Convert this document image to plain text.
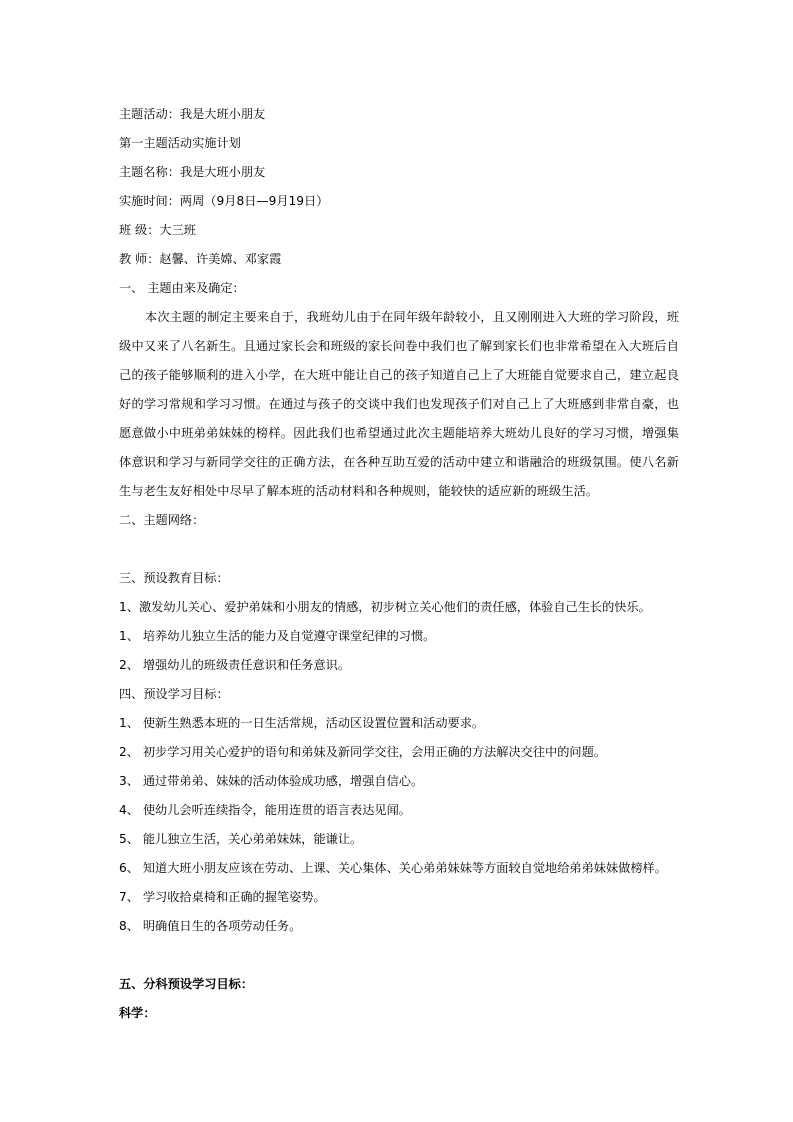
主题活动：我是大班小朋友

第一主题活动实施计划

主题名称：我是大班小朋友

实施时间：两周（9月8日—9月19日）

班 级：大三班

教 师：赵馨、许美嫦、邓家霞

一、 主题由来及确定：

本次主题的制定主要来自于，我班幼儿由于在同年级年龄较小，且又刚刚进入大班的学习阶段，班级中又来了八名新生。且通过家长会和班级的家长问卷中我们也了解到家长们也非常希望在入大班后自己的孩子能够顺利的进入小学，在大班中能让自己的孩子知道自己上了大班能自觉要求自己，建立起良好的学习常规和学习习惯。在通过与孩子的交谈中我们也发现孩子们对自己上了大班感到非常自豪，也愿意做小中班弟弟妹妹的榜样。因此我们也希望通过此次主题能培养大班幼儿良好的学习习惯，增强集体意识和学习与新同学交往的正确方法，在各种互助互爱的活动中建立和谐融洽的班级氛围。使八名新生与老生友好相处中尽早了解本班的活动材料和各种规则，能较快的适应新的班级生活。

二、主题网络：

三、预设教育目标：

1、激发幼儿关心、爱护弟妹和小朋友的情感，初步树立关心他们的责任感，体验自己生长的快乐。

1、 培养幼儿独立生活的能力及自觉遵守课堂纪律的习惯。

2、 增强幼儿的班级责任意识和任务意识。

四、预设学习目标：

1、 使新生熟悉本班的一日生活常规，活动区设置位置和活动要求。

2、 初步学习用关心爱护的语句和弟妹及新同学交往，会用正确的方法解决交往中的问题。

3、 通过带弟弟、妹妹的活动体验成功感，增强自信心。

4、 使幼儿会听连续指令，能用连贯的语言表达见闻。

5、 能儿独立生活，关心弟弟妹妹，能谦让。

6、 知道大班小朋友应该在劳动、上课、关心集体、关心弟弟妹妹等方面较自觉地给弟弟妹妹做榜样。

7、 学习收拾桌椅和正确的握笔姿势。

8、 明确值日生的各项劳动任务。

五、分科预设学习目标：

科学：
